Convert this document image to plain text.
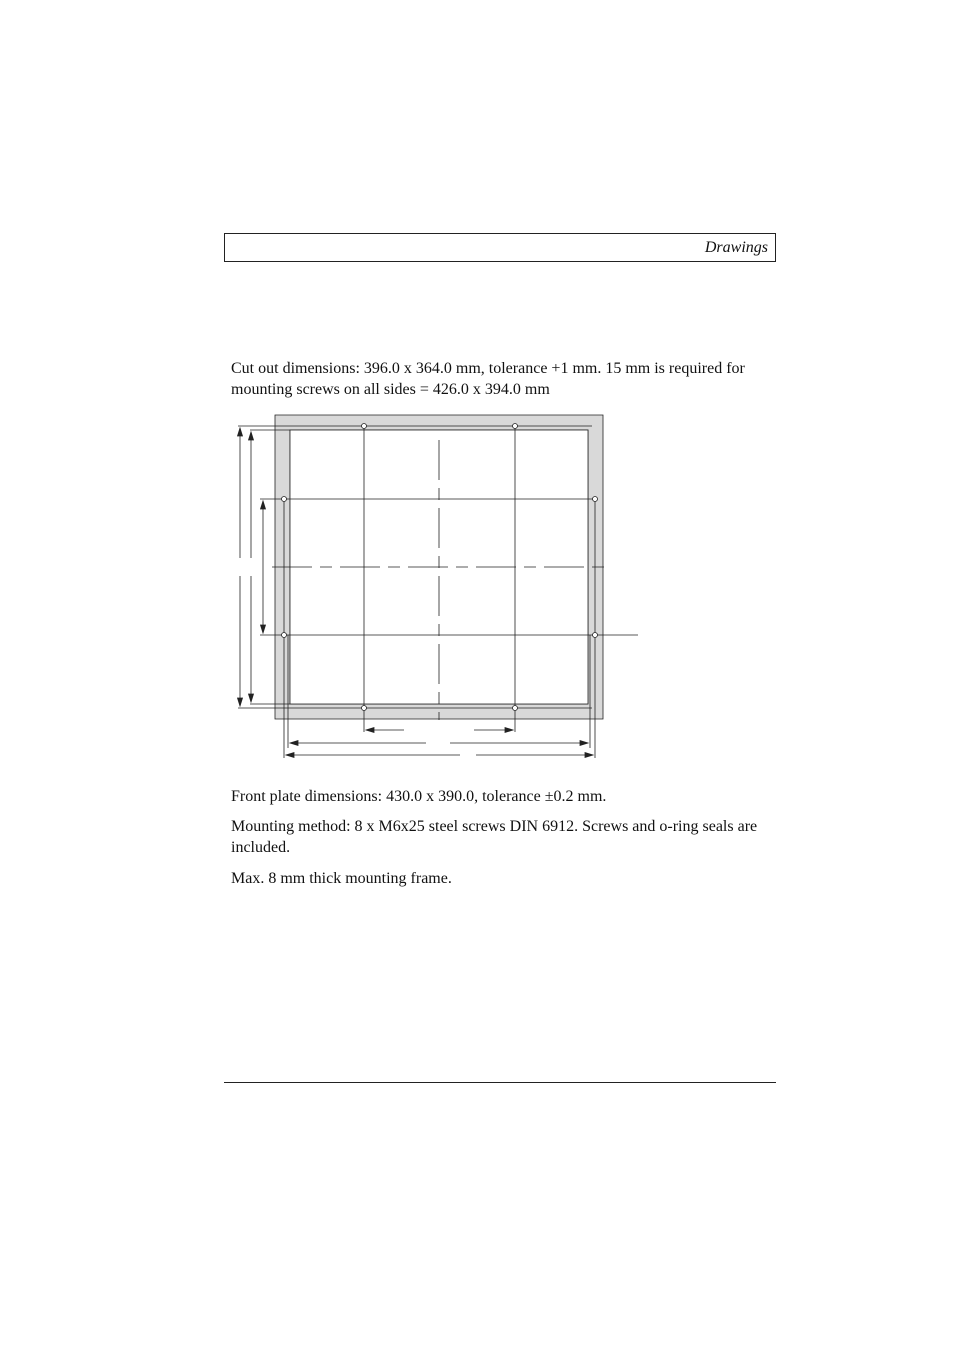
Drawings

Cut out dimensions: 396.0 x 364.0 mm, tolerance +1 mm. 15 mm is required for mounting screws on all sides = 426.0 x 394.0 mm

Front plate dimensions: 430.0 x 390.0, tolerance ±0.2 mm.

Mounting method: 8 x M6x25 steel screws DIN 6912. Screws and o-ring seals are included.

Max. 8 mm thick mounting frame.
